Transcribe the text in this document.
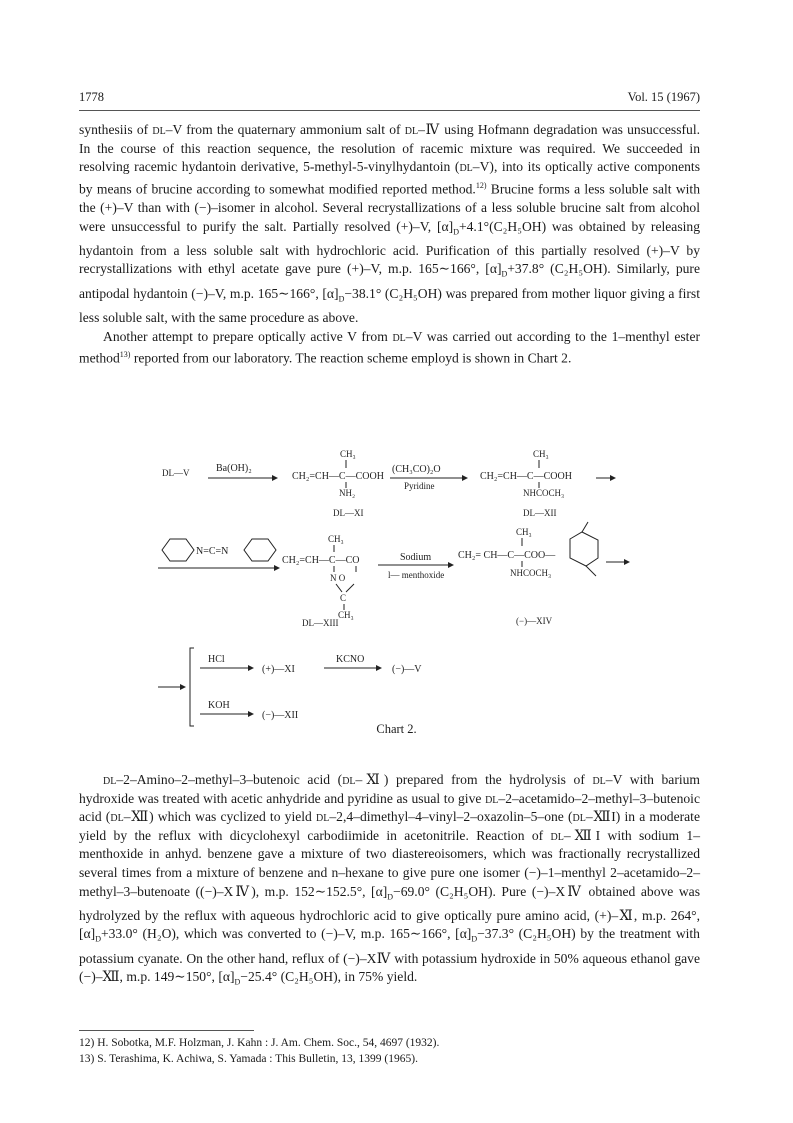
1778	Vol. 15 (1967)

synthesiis of dl–V from the quaternary ammonium salt of dl–Ⅳ using Hofmann degradation was unsuccessful. In the course of this reaction sequence, the resolution of racemic mixture was required. We succeeded in resolving racemic hydantoin derivative, 5-methyl-5-vinylhydantoin (dl–V), into its optically active components by means of brucine according to somewhat modified reported method.$^{12)}$ Brucine forms a less soluble salt with the (+)–V than with (−)–isomer in alcohol. Several recrystallizations of a less soluble brucine salt from alcohol were unsuccessful to purify the salt. Partially resolved (+)–V, $[\alpha]_D+4.1^\circ(C_2H_5OH)$ was obtained by releasing hydantoin from a less soluble salt with hydrochloric acid. Purification of this partially resolved (+)–V by recrystallizations with ethyl acetate gave pure (+)–V, m.p. 165∼166°, $[\alpha]_D+37.8^\circ$ (C₂H₅OH). Similarly, pure antipodal hydantoin (−)–V, m.p. 165∼166°, $[\alpha]_D-38.1^\circ$ (C₂H₅OH) was prepared from mother liquor giving a first less soluble salt, with the same procedure as above.

Another attempt to prepare optically active V from dl–V was carried out according to the 1–menthyl ester method$^{13)}$ reported from our laboratory. The reaction scheme employd is shown in Chart 2.

DL—V	Ba(OH)₂
CH₃
CH₂=CH—C—COOH
NH₂
DL—XI
(CH₃CO)₂O
Pyridine
CH₃
CH₂=CH—C—COOH
NHCOCH₃
DL—XII
N=C=N
CH₃
CH₂=CH—C—CO
N O
C
CH₃
DL—XIII
Sodium
l— menthoxide
CH₃
CH₂= CH—C—COO—
NHCOCH₃
(−)—XIV
HCl
(+)—XI
KCNO
(−)—V
KOH
(−)—XII
Chart 2.

dl–2–Amino–2–methyl–3–butenoic acid (dl–Ⅺ) prepared from the hydrolysis of dl–V with barium hydroxide was treated with acetic anhydride and pyridine as usual to give dl–2–acetamido–2–methyl–3–butenoic acid (dl–Ⅻ) which was cyclized to yield dl–2,4–dimethyl–4–vinyl–2–oxazolin–5–one (dl–ⅫI) in a moderate yield by the reflux with dicyclohexyl carbodiimide in acetonitrile. Reaction of dl–ⅫI with sodium 1–menthoxide in anhyd. benzene gave a mixture of two diastereoisomers, which was fractionally recrystallized several times from a mixture of benzene and n–hexane to give pure one isomer (−)–1–menthyl 2–acetamido–2–methyl–3–butenoate ((−)–XⅣ), m.p. 152∼152.5°, $[\alpha]_D-69.0^\circ$ (C₂H₅OH). Pure (−)–XⅣ obtained above was hydrolyzed by the reflux with aqueous hydrochloric acid to give optically pure amino acid, (+)–Ⅺ, m.p. 264°, $[\alpha]_D+33.0^\circ$ (H₂O), which was converted to (−)–V, m.p. 165∼166°, $[\alpha]_D-37.3^\circ$ (C₂H₅OH) by the treatment with potassium cyanate. On the other hand, reflux of (−)–XⅣ with potassium hydroxide in 50% aqueous ethanol gave (−)–Ⅻ, m.p. 149∼150°, $[\alpha]_D-25.4^\circ$ (C₂H₅OH), in 75% yield.

12) H. Sobotka, M.F. Holzman, J. Kahn : J. Am. Chem. Soc., 54, 4697 (1932).
13) S. Terashima, K. Achiwa, S. Yamada : This Bulletin, 13, 1399 (1965).
